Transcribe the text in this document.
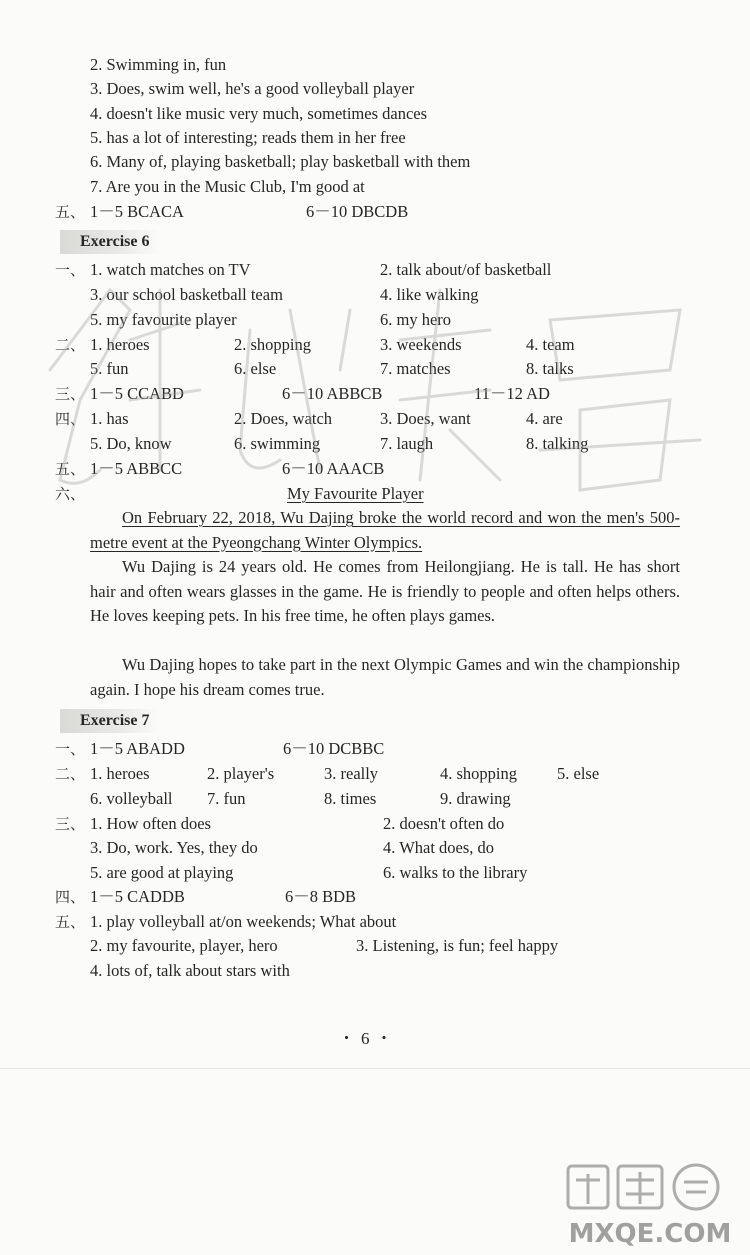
2. Swimming in, fun
3. Does, swim well, he's a good volleyball player
4. doesn't like music very much, sometimes dances
5. has a lot of interesting; reads them in her free
6. Many of, playing basketball; play basketball with them
7. Are you in the Music Club, I'm good at
五、 1－5 BCACA	6－10 DBCDB
Exercise 6
一、 1. watch matches on TV	2. talk about/of basketball
3. our school basketball team	4. like walking
5. my favourite player	6. my hero
二、 1. heroes	2. shopping	3. weekends	4. team
5. fun	6. else	7. matches	8. talks
三、 1－5 CCABD	6－10 ABBCB	11－12 AD
四、 1. has	2. Does, watch	3. Does, want	4. are
5. Do, know	6. swimming	7. laugh	8. talking
五、 1－5 ABBCC	6－10 AAACB
六、	My Favourite Player
On February 22, 2018, Wu Dajing broke the world record and won the men's 500-metre event at the Pyeongchang Winter Olympics.
Wu Dajing is 24 years old. He comes from Heilongjiang. He is tall. He has short hair and often wears glasses in the game. He is friendly to people and often helps others. He loves keeping pets. In his free time, he often plays games.
Wu Dajing hopes to take part in the next Olympic Games and win the championship again. I hope his dream comes true.
Exercise 7
一、 1－5 ABADD	6－10 DCBBC
二、 1. heroes	2. player's	3. really	4. shopping 5. else
6. volleyball 7. fun	8. times	9. drawing
三、 1. How often does	2. doesn't often do
3. Do, work. Yes, they do	4. What does, do
5. are good at playing	6. walks to the library
四、 1－5 CADDB	6－8 BDB
五、 1. play volleyball at/on weekends; What about
2. my favourite, player, hero	3. Listening, is fun; feel happy
4. lots of, talk about stars with
・6・
MXQE.COM
